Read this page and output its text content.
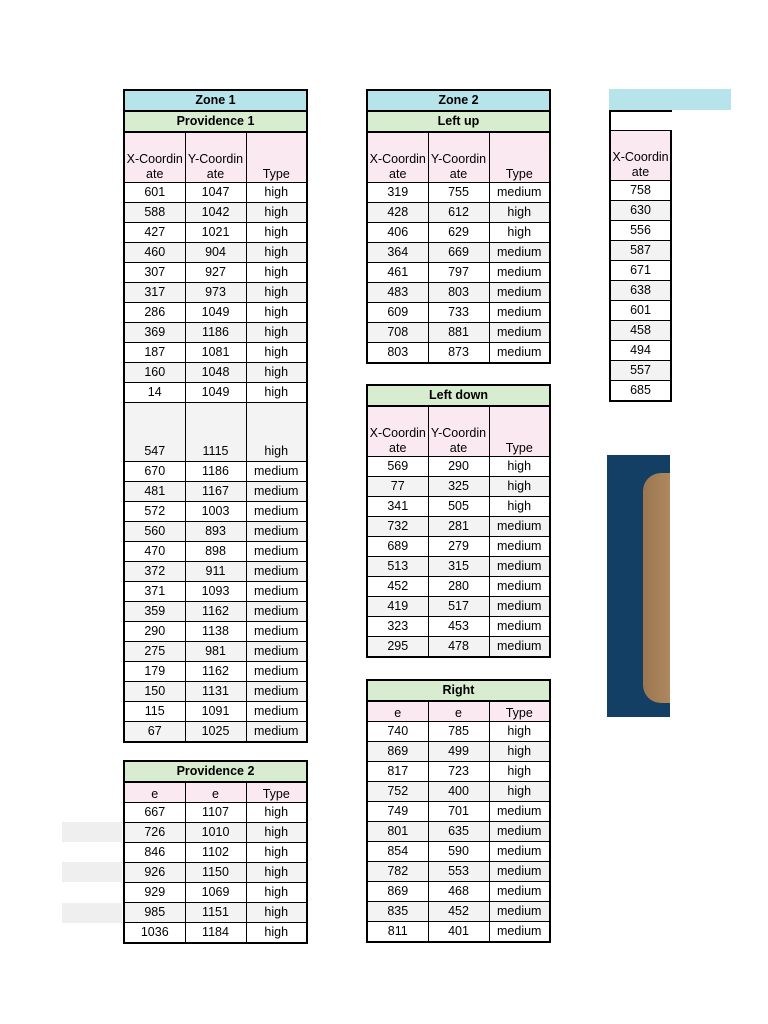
Zone 1		
Providence 1		
X-Coordinate	Y-Coordinate	Type
601	1047	high
588	1042	high
427	1021	high
460	904	high
307	927	high
317	973	high
286	1049	high
369	1186	high
187	1081	high
160	1048	high
14	1049	high
547	1115	high
670	1186	medium
481	1167	medium
572	1003	medium
560	893	medium
470	898	medium
372	911	medium
371	1093	medium
359	1162	medium
290	1138	medium
275	981	medium
179	1162	medium
150	1131	medium
115	1091	medium
67	1025	medium
Providence 2		
e	e	Type
667	1107	high
726	1010	high
846	1102	high
926	1150	high
929	1069	high
985	1151	high
1036	1184	high
Zone 2		
Left up		
X-Coordinate	Y-Coordinate	Type
319	755	medium
428	612	high
406	629	high
364	669	medium
461	797	medium
483	803	medium
609	733	medium
708	881	medium
803	873	medium
Left down		
X-Coordinate	Y-Coordinate	Type
569	290	high
77	325	high
341	505	high
732	281	medium
689	279	medium
513	315	medium
452	280	medium
419	517	medium
323	453	medium
295	478	medium
Right		
e	e	Type
740	785	high
869	499	high
817	723	high
752	400	high
749	701	medium
801	635	medium
854	590	medium
782	553	medium
869	468	medium
835	452	medium
811	401	medium
X-Coordinate
758
630
556
587
671
638
601
458
494
557
685
